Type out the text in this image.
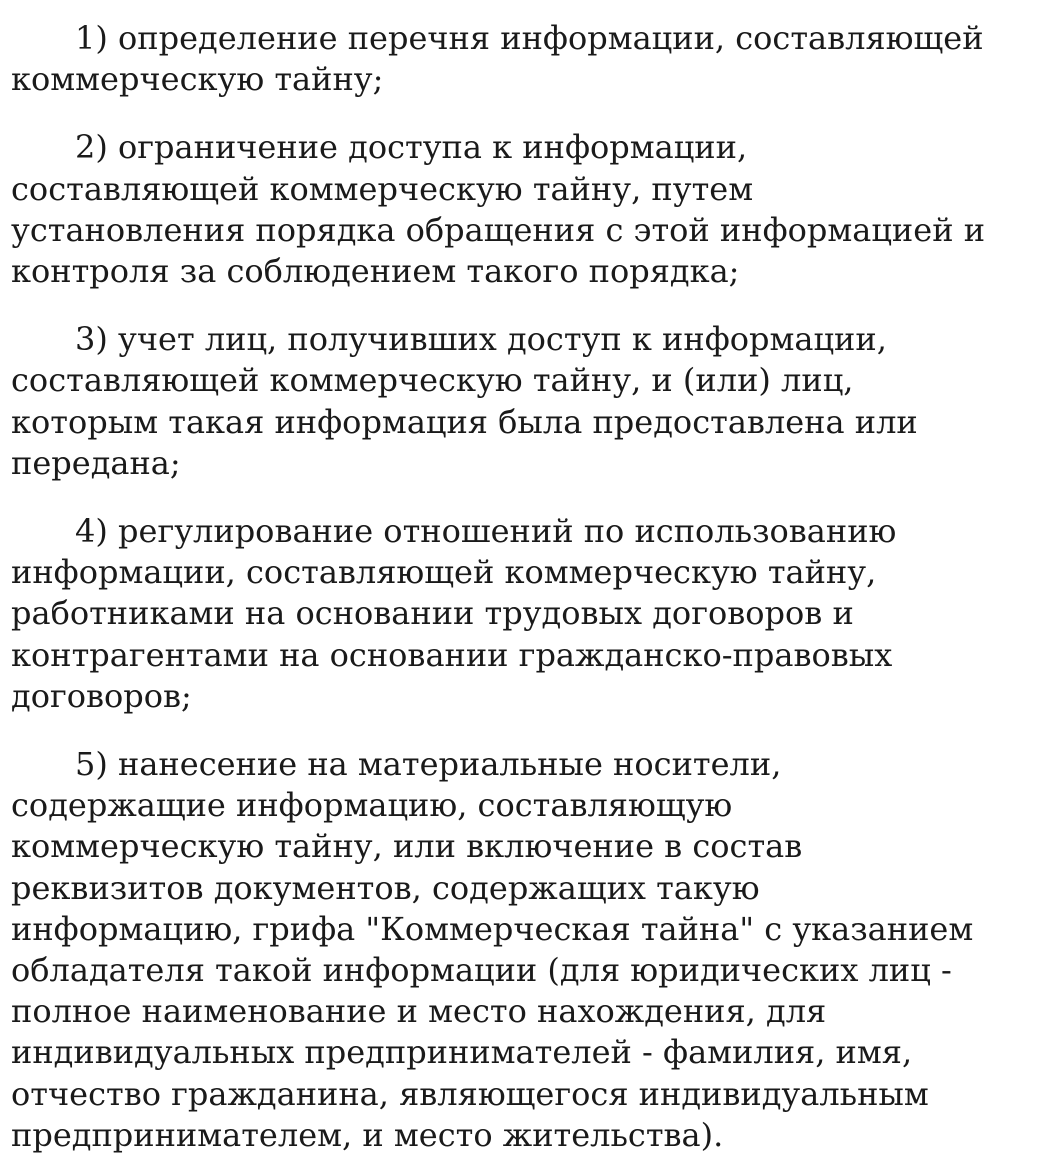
1) определение перечня информации, составляющей
коммерческую тайну;
2) ограничение доступа к информации,
составляющей коммерческую тайну, путем
установления порядка обращения с этой информацией и
контроля за соблюдением такого порядка;
3) учет лиц, получивших доступ к информации,
составляющей коммерческую тайну, и (или) лиц,
которым такая информация была предоставлена или
передана;
4) регулирование отношений по использованию
информации, составляющей коммерческую тайну,
работниками на основании трудовых договоров и
контрагентами на основании гражданско-правовых
договоров;
5) нанесение на материальные носители,
содержащие информацию, составляющую
коммерческую тайну, или включение в состав
реквизитов документов, содержащих такую
информацию, грифа "Коммерческая тайна" с указанием
обладателя такой информации (для юридических лиц -
полное наименование и место нахождения, для
индивидуальных предпринимателей - фамилия, имя,
отчество гражданина, являющегося индивидуальным
предпринимателем, и место жительства).
